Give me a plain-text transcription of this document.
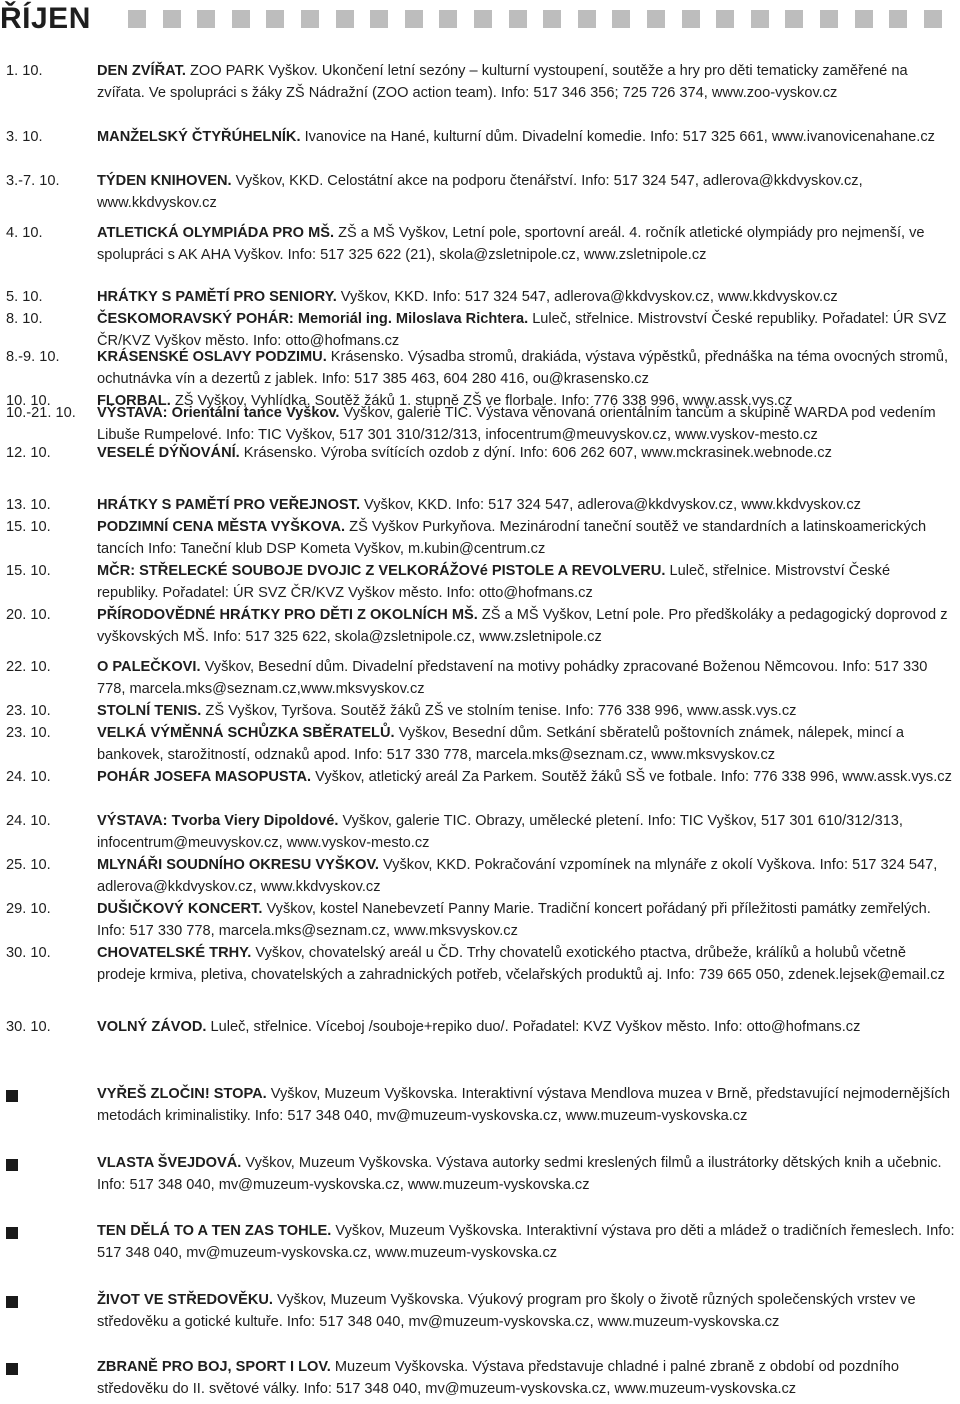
ŘÍJEN
1. 10.	DEN ZVÍŘAT. ZOO PARK Vyškov. Ukončení letní sezóny – kulturní vystoupení, soutěže a hry pro děti tematicky zaměřené na zvířata. Ve spolupráci s žáky ZŠ Nádražní (ZOO action team). Info: 517 346 356; 725 726 374, www.zoo-vyskov.cz
3. 10.	MANŽELSKÝ ČTYŘÚHELNÍK. Ivanovice na Hané, kulturní dům. Divadelní komedie. Info: 517 325 661, www.ivanovicenahane.cz
3.-7. 10.	TÝDEN KNIHOVEN. Vyškov, KKD. Celostátní akce na podporu čtenářství. Info: 517 324 547, adlerova@kkdvyskov.cz, www.kkdvyskov.cz
4. 10.	ATLETICKÁ OLYMPIÁDA PRO MŠ. ZŠ a MŠ Vyškov, Letní pole, sportovní areál. 4. ročník atletické olympiády pro nejmenší, ve spolupráci s AK AHA Vyškov. Info: 517 325 622 (21), skola@zsletnipole.cz, www.zsletnipole.cz
5. 10.	HRÁTKY S PAMĚTÍ PRO SENIORY. Vyškov, KKD. Info: 517 324 547, adlerova@kkdvyskov.cz, www.kkdvyskov.cz
8. 10.	ČESKOMORAVSKÝ POHÁR: Memoriál ing. Miloslava Richtera. Luleč, střelnice. Mistrovství České republiky. Pořadatel: ÚR SVZ ČR/KVZ Vyškov město. Info: otto@hofmans.cz
8.-9. 10.	KRÁSENSKÉ OSLAVY PODZIMU. Krásensko. Výsadba stromů, drakiáda, výstava výpěstků, přednáška na téma ovocných stromů, ochutnávka vín a dezertů z jablek. Info: 517 385 463, 604 280 416, ou@krasensko.cz
10. 10.	FLORBAL. ZŠ Vyškov, Vyhlídka. Soutěž žáků 1. stupně ZŠ ve florbale. Info: 776 338 996, www.assk.vys.cz
10.-21. 10. VÝSTAVA: Orientální tance Vyškov. Vyškov, galerie TIC. Výstava věnovaná orientálním tancům a skupině WARDA pod vedením Libuše Rumpelové. Info: TIC Vyškov, 517 301 310/312/313, infocentrum@meuvyskov.cz, www.vyskov-mesto.cz
12. 10.	VESELÉ DÝŇOVÁNÍ. Krásensko. Výroba svítících ozdob z dýní. Info: 606 262 607, www.mckrasinek.webnode.cz
13. 10.	HRÁTKY S PAMĚTÍ PRO VEŘEJNOST. Vyškov, KKD. Info: 517 324 547, adlerova@kkdvyskov.cz, www.kkdvyskov.cz
15. 10.	PODZIMNÍ CENA MĚSTA VYŠKOVA. ZŠ Vyškov Purkyňova. Mezinárodní taneční soutěž ve standardních a latinskoamerických tancích Info: Taneční klub DSP Kometa Vyškov, m.kubin@centrum.cz
15. 10.	MČR: STŘELECKÉ SOUBOJE DVOJIC Z VELKORÁŽOVé PISTOLE A REVOLVERU. Luleč, střelnice. Mistrovství České republiky. Pořadatel: ÚR SVZ ČR/KVZ Vyškov město. Info: otto@hofmans.cz
20. 10.	PŘÍRODOVĚDNÉ HRÁTKY PRO DĚTI Z OKOLNÍCH MŠ. ZŠ a MŠ Vyškov, Letní pole. Pro předškoláky a pedagogický doprovod z vyškovských MŠ. Info: 517 325 622, skola@zsletnipole.cz, www.zsletnipole.cz
22. 10.	O PALEČKOVI. Vyškov, Besední dům. Divadelní představení na motivy pohádky zpracované Boženou Němcovou. Info: 517 330 778, marcela.mks@seznam.cz,www.mksvyskov.cz
23. 10.	STOLNÍ TENIS. ZŠ Vyškov, Tyršova. Soutěž žáků ZŠ ve stolním tenise. Info: 776 338 996, www.assk.vys.cz
23. 10.	VELKÁ VÝMĚNNÁ SCHŮZKA SBĚRATELŮ. Vyškov, Besední dům. Setkání sběratelů poštovních známek, nálepek, mincí a bankovek, starožitností, odznaků apod. Info: 517 330 778, marcela.mks@seznam.cz, www.mksvyskov.cz
24. 10.	POHÁR JOSEFA MASOPUSTA. Vyškov, atletický areál Za Parkem. Soutěž žáků SŠ ve fotbale. Info: 776 338 996, www.assk.vys.cz
24. 10.	VÝSTAVA: Tvorba Viery Dipoldové. Vyškov, galerie TIC. Obrazy, umělecké pletení. Info: TIC Vyškov, 517 301 610/312/313, infocentrum@meuvyskov.cz, www.vyskov-mesto.cz
25. 10.	MLYNÁŘI SOUDNÍHO OKRESU VYŠKOV. Vyškov, KKD. Pokračování vzpomínek na mlynáře z okolí Vyškova. Info: 517 324 547, adlerova@kkdvyskov.cz, www.kkdvyskov.cz
29. 10.	DUŠIČKOVÝ KONCERT. Vyškov, kostel Nanebevzetí Panny Marie. Tradiční koncert pořádaný při příležitosti památky zemřelých. Info: 517 330 778, marcela.mks@seznam.cz, www.mksvyskov.cz
30. 10.	CHOVATELSKÉ TRHY. Vyškov, chovatelský areál u ČD. Trhy chovatelů exotického ptactva, drůbeže, králíků a holubů včetně prodeje krmiva, pletiva, chovatelských a zahradnických potřeb, včelařských produktů aj. Info: 739 665 050, zdenek.lejsek@email.cz
30. 10.	VOLNÝ ZÁVOD. Luleč, střelnice. Víceboj /souboje+repiko duo/. Pořadatel: KVZ Vyškov město. Info: otto@hofmans.cz
VYŘEŠ ZLOČIN! STOPA. Vyškov, Muzeum Vyškovska. Interaktivní výstava Mendlova muzea v Brně, představující nejmodernějších metodách kriminalistiky. Info: 517 348 040, mv@muzeum-vyskovska.cz, www.muzeum-vyskovska.cz
VLASTA ŠVEJDOVÁ. Vyškov, Muzeum Vyškovska. Výstava autorky sedmi kreslených filmů a ilustrátorky dětských knih a učebnic. Info: 517 348 040, mv@muzeum-vyskovska.cz, www.muzeum-vyskovska.cz
TEN DĚLÁ TO A TEN ZAS TOHLE. Vyškov, Muzeum Vyškovska. Interaktivní výstava pro děti a mládež o tradičních řemeslech. Info: 517 348 040, mv@muzeum-vyskovska.cz, www.muzeum-vyskovska.cz
ŽIVOT VE STŘEDOVĚKU. Vyškov, Muzeum Vyškovska. Výukový program pro školy o životě různých společenských vrstev ve středověku a gotické kultuře. Info: 517 348 040, mv@muzeum-vyskovska.cz, www.muzeum-vyskovska.cz
ZBRANĚ PRO BOJ, SPORT I LOV. Muzeum Vyškovska. Výstava představuje chladné i palné zbraně z období od pozdního středověku do II. světové války. Info: 517 348 040, mv@muzeum-vyskovska.cz, www.muzeum-vyskovska.cz
